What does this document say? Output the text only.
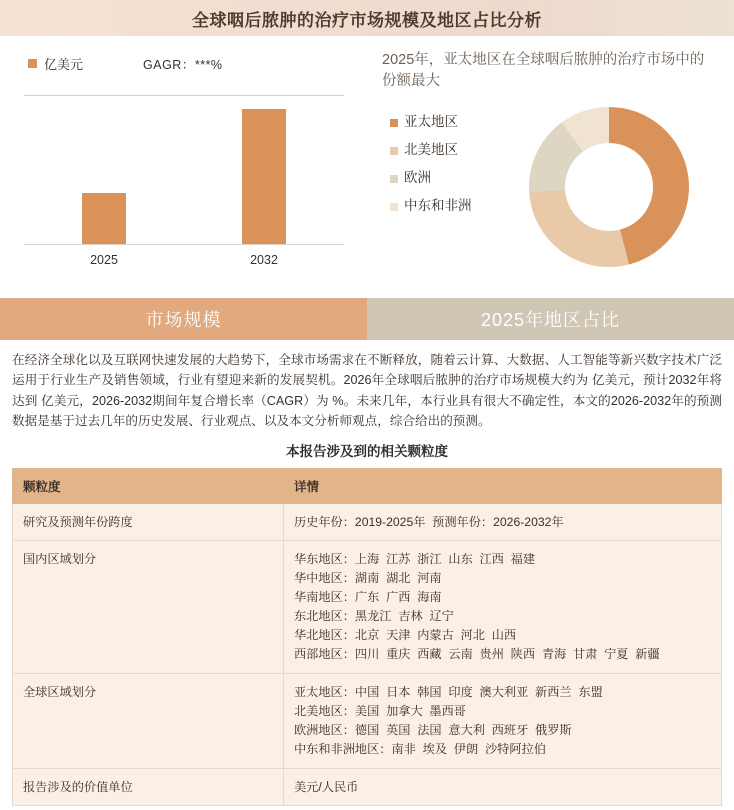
全球咽后脓肿的治疗市场规模及地区占比分析
亿美元	GAGR：***%
2025	2032
2025年，亚太地区在全球咽后脓肿的治疗市场中的份额最大
亚太地区
北美地区
欧洲
中东和非洲
市场规模	2025年地区占比
在经济全球化以及互联网快速发展的大趋势下，全球市场需求在不断释放，随着云计算、大数据、人工智能等新兴数字技术广泛运用于行业生产及销售领域，行业有望迎来新的发展契机。2026年全球咽后脓肿的治疗市场规模大约为 亿美元，预计2032年将达到 亿美元，2026-2032期间年复合增长率（CAGR）为 %。未来几年，本行业具有很大不确定性，本文的2026-2032年的预测数据是基于过去几年的历史发展、行业观点、以及本文分析师观点，综合给出的预测。
本报告涉及到的相关颗粒度
颗粒度	详情
研究及预测年份跨度	历史年份：2019-2025年  预测年份：2026-2032年

国内区域划分	华东地区：上海  江苏  浙江  山东  江西  福建
华中地区：湖南  湖北  河南
华南地区：广东  广西  海南
东北地区：黑龙江  吉林  辽宁
华北地区：北京  天津  内蒙古  河北  山西
西部地区：四川  重庆  西藏  云南  贵州  陕西  青海  甘肃  宁夏  新疆

全球区域划分	亚太地区：中国  日本  韩国  印度  澳大利亚  新西兰  东盟
北美地区：美国  加拿大  墨西哥
欧洲地区：德国  英国  法国  意大利  西班牙  俄罗斯
中东和非洲地区：南非  埃及  伊朗  沙特阿拉伯

报告涉及的价值单位	美元/人民币
